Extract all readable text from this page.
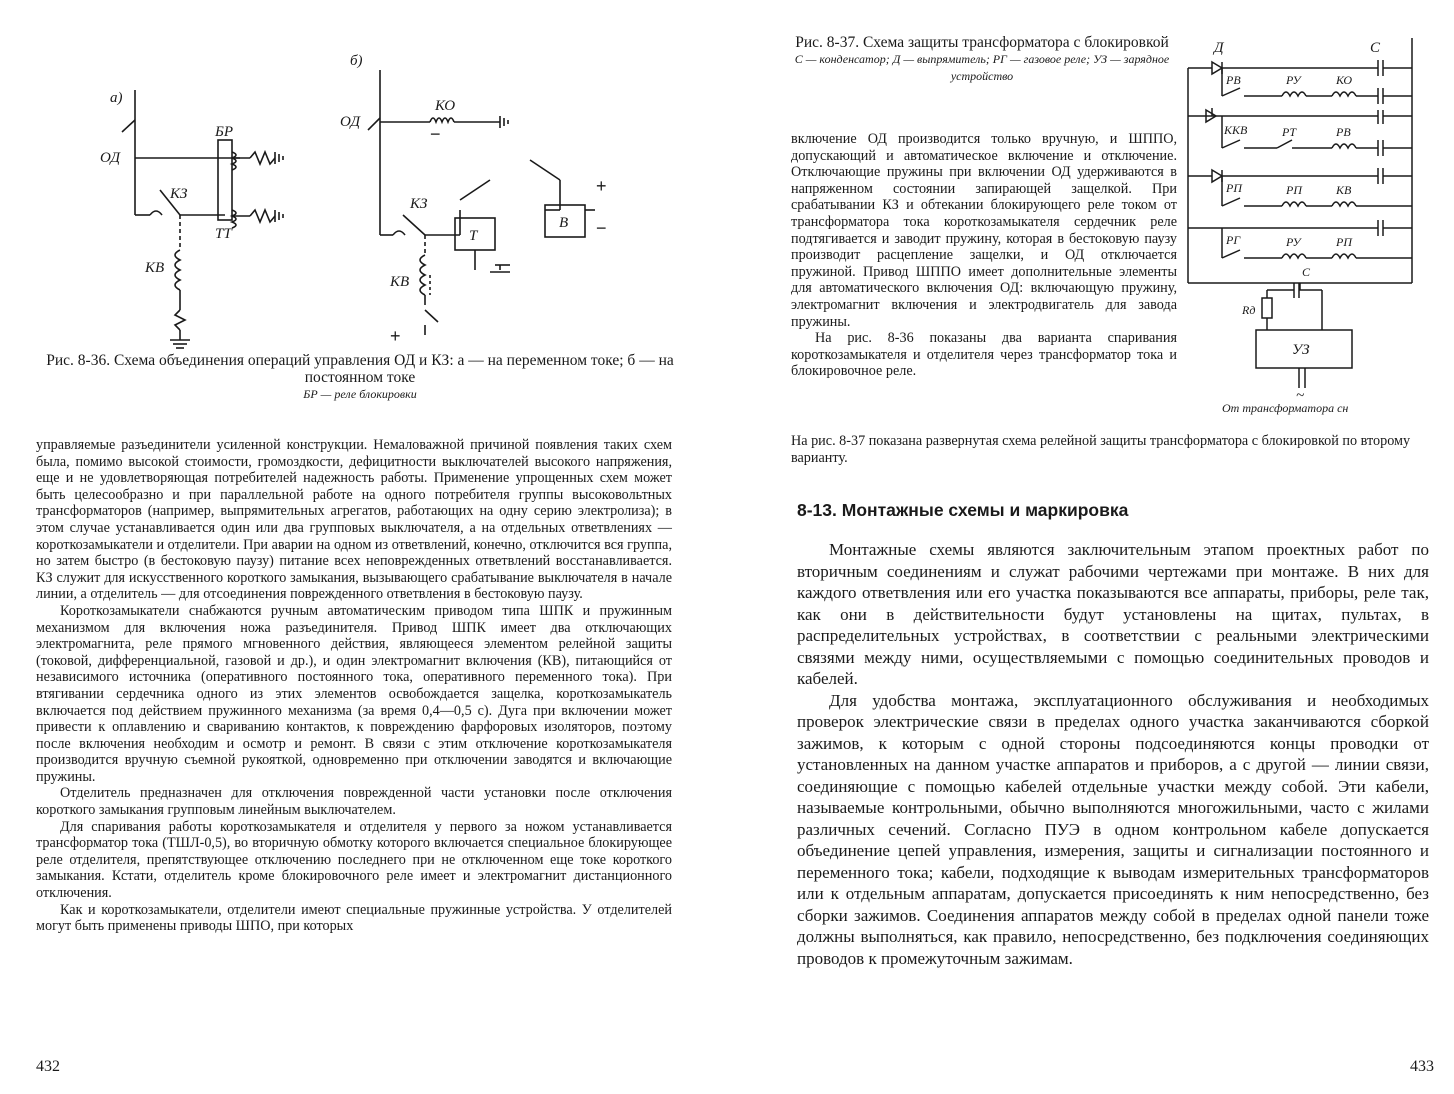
а)
б)
ОД
БР
КЗ
ТТ
КВ
КО
ОД
КЗ
Т
В
КВ
−
+
−
+
Рис. 8-36. Схема объединения операций управления ОД и КЗ: а — на переменном токе; б — на постоянном токе
БР — реле блокировки

управляемые разъединители усиленной конструкции. Немаловажной причиной появления таких схем была, помимо высокой стоимости, громоздкости, дефицитности выключателей высокого напряжения, еще и не удовлетворяющая потребителей надежность работы. Применение упрощенных схем может быть целесообразно и при параллельной работе на одного потребителя группы высоковольтных трансформаторов (например, выпрямительных агрегатов, работающих на одну серию электролиза); в этом случае устанавливается один или два групповых выключателя, а на отдельных ответвлениях — короткозамыкатели и отделители. При аварии на одном из ответвлений, конечно, отключится вся группа, но затем быстро (в бестоковую паузу) питание всех неповрежденных ответвлений восстанавливается. КЗ служит для искусственного короткого замыкания, вызывающего срабатывание выключателя в начале линии, а отделитель — для отсоединения поврежденного ответвления в бестоковую паузу.

Короткозамыкатели снабжаются ручным автоматическим приводом типа ШПК и пружинным механизмом для включения ножа разъединителя. Привод ШПК имеет два отключающих электромагнита, реле прямого мгновенного действия, являющееся элементом релейной защиты (токовой, дифференциальной, газовой и др.), и один электромагнит включения (КВ), питающийся от независимого источника (оперативного постоянного тока, оперативного переменного тока). При втягивании сердечника одного из этих элементов освобождается защелка, короткозамыкатель включается под действием пружинного механизма (за время 0,4—0,5 с). Дуга при включении может привести к оплавлению и свариванию контактов, к повреждению фарфоровых изоляторов, поэтому после включения необходим и осмотр и ремонт. В связи с этим отключение короткозамыкателя производится вручную съемной рукояткой, одновременно при отключении заводятся и включающие пружины.

Отделитель предназначен для отключения поврежденной части установки после отключения короткого замыкания групповым линейным выключателем.

Для спаривания работы короткозамыкателя и отделителя у первого за ножом устанавливается трансформатор тока (ТШЛ-0,5), во вторичную обмотку которого включается специальное блокирующее реле отделителя, препятствующее отключению последнего при не отключенном еще токе короткого замыкания. Кстати, отделитель кроме блокировочного реле имеет и электромагнит дистанционного отключения.

Как и короткозамыкатели, отделители имеют специальные пружинные устройства. У отделителей могут быть применены приводы ШПО, при которых

432
Рис. 8-37. Схема защиты трансформатора с блокировкой
С — конденсатор; Д — выпрямитель; РГ — газовое реле; УЗ — зарядное устройство
Д	С
РВ	РУ	КО
ККВ	РТ	РВ
РП	РП	КВ
РГ	РУ	РП
С
Rд
УЗ
~
От трансформатора сн

включение ОД производится только вручную, и ШППО, допускающий и автоматическое включение и отключение. Отключающие пружины при включении ОД удерживаются в напряженном состоянии запирающей защелкой. При срабатывании КЗ и обтекании блокирующего реле током от трансформатора тока короткозамыкателя сердечник реле подтягивается и заводит пружину, которая в бестоковую паузу производит расцепление защелки, и ОД отключается пружиной. Привод ШППО имеет дополнительные элементы для автоматического включения ОД: включающую пружину, электромагнит включения и электродвигатель для завода пружины.

На рис. 8-36 показаны два варианта спаривания короткозамыкателя и отделителя через трансформатор тока и блокировочное реле.

На рис. 8-37 показана развернутая схема релейной защиты трансформатора с блокировкой по второму варианту.

8-13. Монтажные схемы и маркировка

Монтажные схемы являются заключительным этапом проектных работ по вторичным соединениям и служат рабочими чертежами при монтаже. В них для каждого ответвления или его участка показываются все аппараты, приборы, реле так, как они в действительности будут установлены на щитах, пультах, в распределительных устройствах, в соответствии с реальными электрическими связями между ними, осуществляемыми с помощью соединительных проводов и кабелей.

Для удобства монтажа, эксплуатационного обслуживания и необходимых проверок электрические связи в пределах одного участка заканчиваются сборкой зажимов, к которым с одной стороны подсоединяются концы проводки от установленных на данном участке аппаратов и приборов, а с другой — линии связи, соединяющие с помощью кабелей отдельные участки между собой. Эти кабели, называемые контрольными, обычно выполняются многожильными, часто с жилами различных сечений. Согласно ПУЭ в одном контрольном кабеле допускается объединение цепей управления, измерения, защиты и сигнализации постоянного и переменного тока; кабели, подходящие к выводам измерительных трансформаторов или к отдельным аппаратам, допускается присоединять к ним непосредственно, без сборки зажимов. Соединения аппаратов между собой в пределах одной панели тоже должны выполняться, как правило, непосредственно, без подключения соединяющих проводов к промежуточным зажимам.

433
